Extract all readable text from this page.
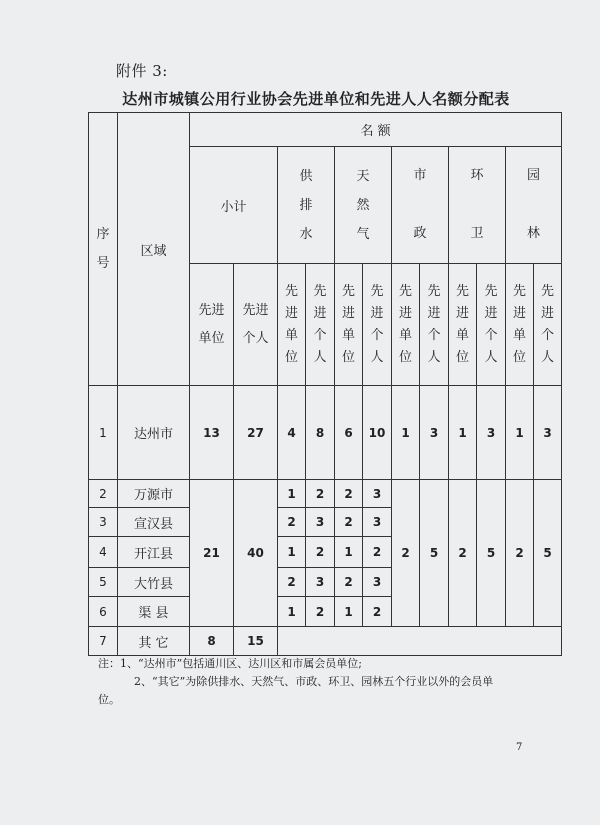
附件 3:
达州市城镇公用行业协会先进单位和先进人人名额分配表
序号	区域	名 额											
		小计		供排水		天然气		市政		环卫		园林	
		先进单位	先进个人	先进单位	先进个人	先进单位	先进个人	先进单位	先进个人	先进单位	先进个人	先进单位	先进个人
1	达州市	13	27	4	8	6	10	1	3	1	3	1	3
2	万源市	21	40	1	2	2	3	2	5	2	5	2	5
3	宣汉县			2	3	2	3						
4	开江县			1	2	1	2						
5	大竹县			2	3	2	3						
6	渠 县			1	2	1	2						
7	其 它	8	15										

注：1、“达州市”包括通川区、达川区和市属会员单位;

2、“其它”为除供排水、天然气、市政、环卫、园林五个行业以外的会员单

位。

7
